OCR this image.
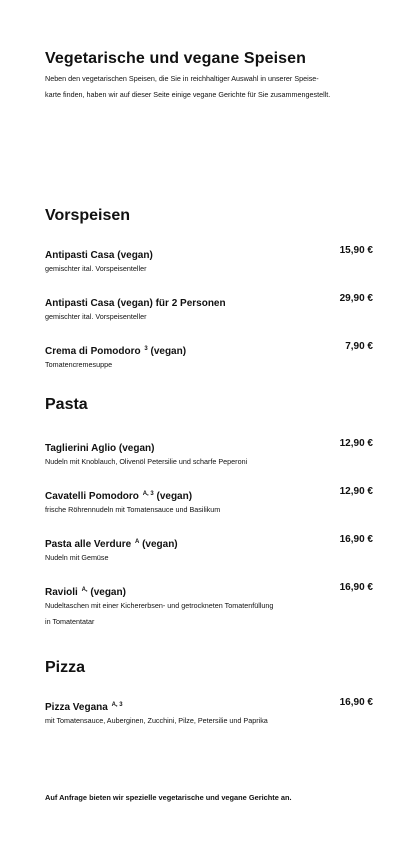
Vegetarische und vegane Speisen

Neben den vegetarischen Speisen, die Sie in reichhaltiger Auswahl in unserer Speise-
karte finden, haben wir auf dieser Seite einige vegane Gerichte für Sie zusammengestellt.

Vorspeisen
Antipasti Casa (vegan)	15,90 €
gemischter ital. Vorspeisenteller
Antipasti Casa (vegan) für 2 Personen	29,90 €
gemischter ital. Vorspeisenteller
Crema di Pomodoro $^3$ (vegan)	7,90 €
Tomatencremesuppe
Pasta
Taglierini Aglio (vegan)	12,90 €
Nudeln mit Knoblauch, Olivenöl Petersilie und scharfe Peperoni
Cavatelli Pomodoro $^{A, 3}$ (vegan)	12,90 €
frische Röhrennudeln mit Tomatensauce und Basilikum
Pasta alle Verdure $^A$ (vegan)	16,90 €
Nudeln mit Gemüse
Ravioli $^{A,}$ (vegan)	16,90 €
Nudeltaschen mit einer Kichererbsen- und getrockneten Tomatenfüllung
in Tomatentatar
Pizza
Pizza Vegana $^{A, 3}$	16,90 €
mit Tomatensauce, Auberginen, Zucchini, Pilze, Petersilie und Paprika

Auf Anfrage bieten wir spezielle vegetarische und vegane Gerichte an.
